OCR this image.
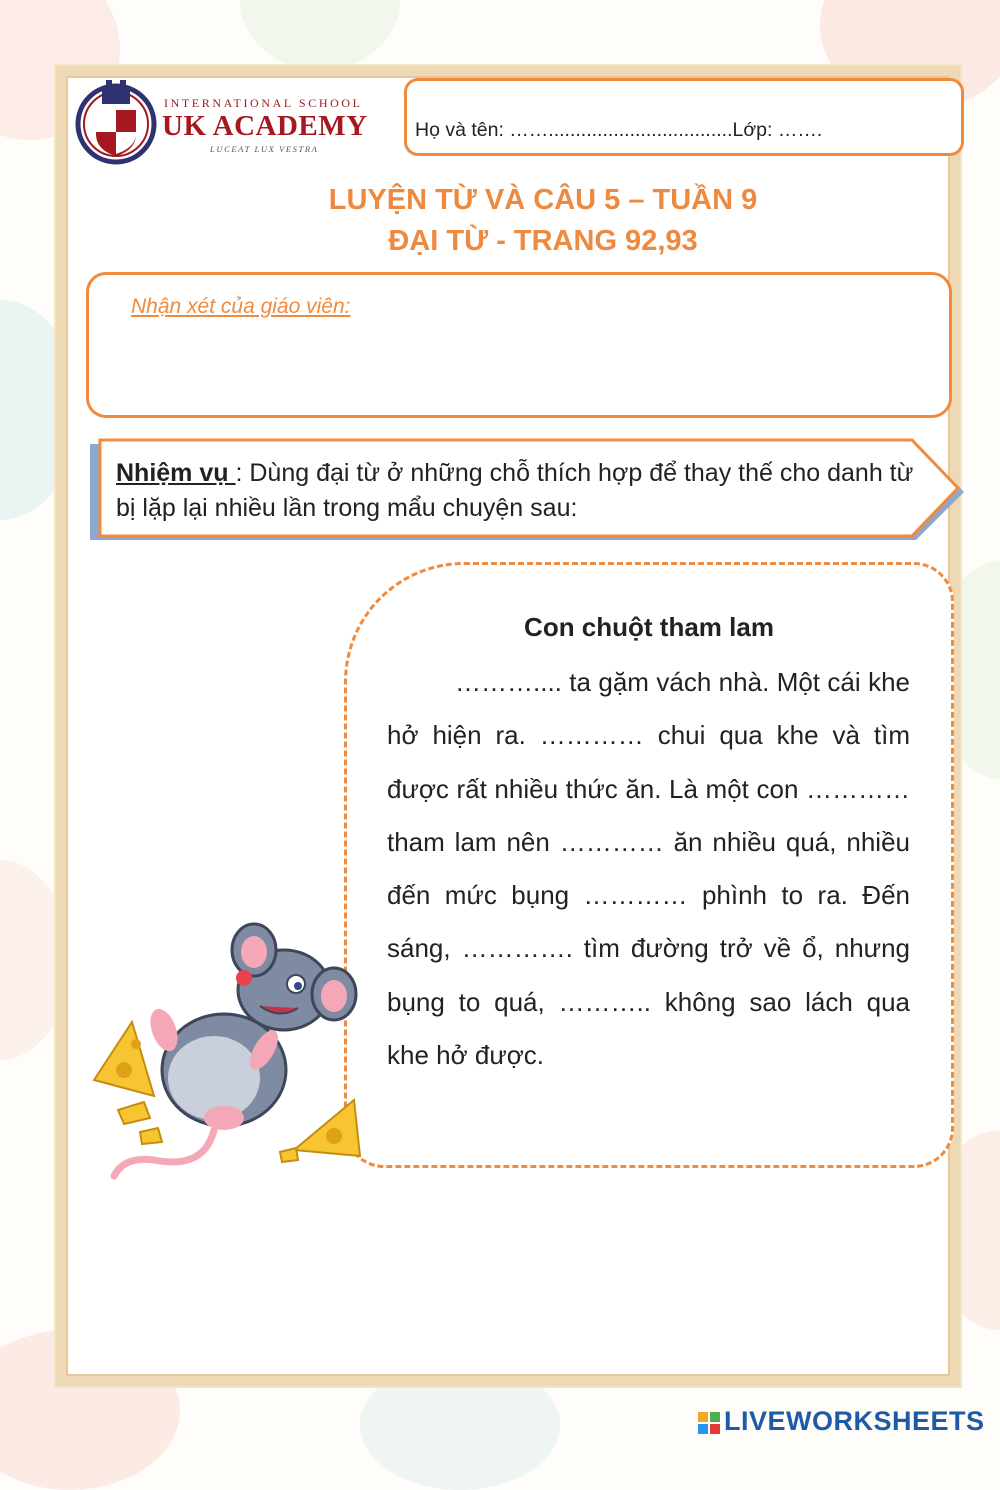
INTERNATIONAL SCHOOL
UK ACADEMY
LUCEAT LUX VESTRA
Họ và tên: ……..................................Lớp: …….
LUYỆN TỪ VÀ CÂU 5 – TUẦN 9
ĐẠI TỪ - TRANG 92,93
Nhận xét của giáo viên:
Nhiệm vụ : Dùng đại từ ở những chỗ thích hợp để thay thế cho danh từ bị lặp lại nhiều lần trong mẩu chuyện sau:
Con chuột tham lam
……….... ta gặm vách nhà. Một cái khe hở hiện ra. ………… chui qua khe và tìm được rất nhiều thức ăn. Là một con ………… tham lam nên ………… ăn nhiều quá, nhiều đến mức bụng ………… phình to ra. Đến sáng, …………. tìm đường trở về ổ, nhưng bụng to quá, ……….. không sao lách qua khe hở được.
LIVEWORKSHEETS
